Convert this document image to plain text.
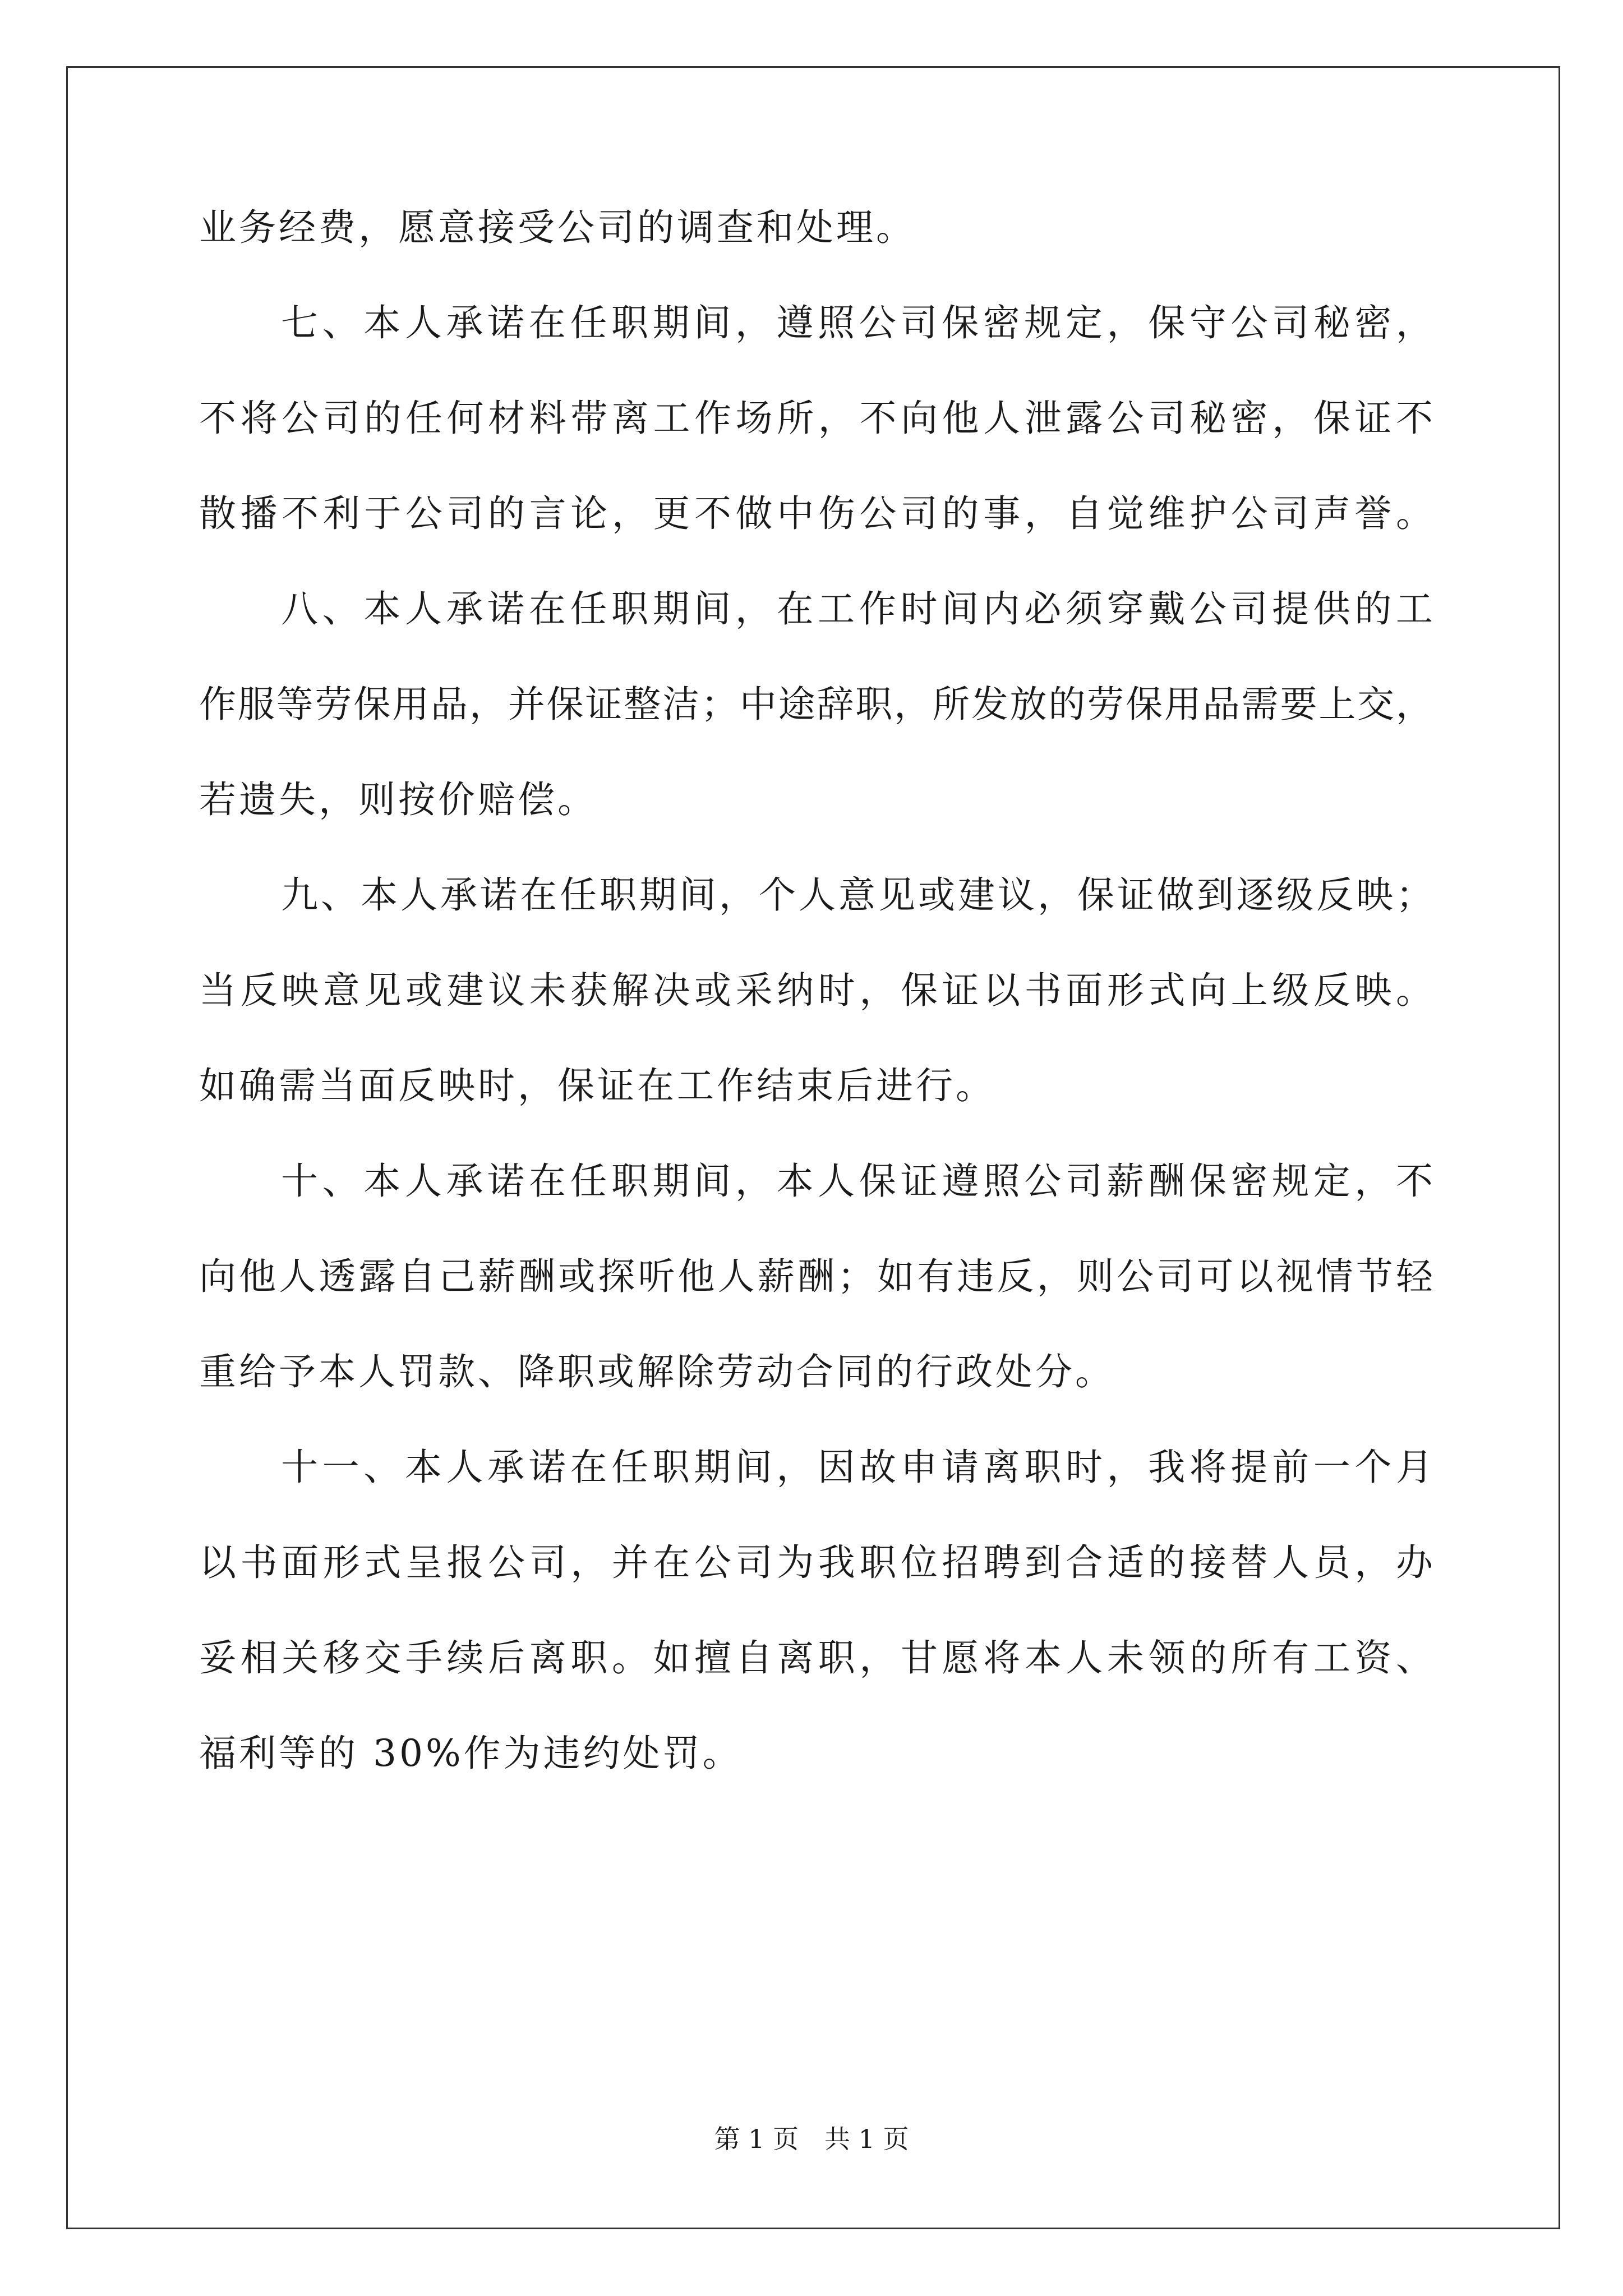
业务经费，愿意接受公司的调查和处理。
七、本人承诺在任职期间，遵照公司保密规定，保守公司秘密，
不将公司的任何材料带离工作场所，不向他人泄露公司秘密，保证不
散播不利于公司的言论，更不做中伤公司的事，自觉维护公司声誉。
八、本人承诺在任职期间，在工作时间内必须穿戴公司提供的工
作服等劳保用品，并保证整洁；中途辞职，所发放的劳保用品需要上交，
若遗失，则按价赔偿。
九、本人承诺在任职期间，个人意见或建议，保证做到逐级反映；
当反映意见或建议未获解决或采纳时，保证以书面形式向上级反映。
如确需当面反映时，保证在工作结束后进行。
十、本人承诺在任职期间，本人保证遵照公司薪酬保密规定，不
向他人透露自己薪酬或探听他人薪酬；如有违反，则公司可以视情节轻
重给予本人罚款、降职或解除劳动合同的行政处分。
十一、本人承诺在任职期间，因故申请离职时，我将提前一个月
以书面形式呈报公司，并在公司为我职位招聘到合适的接替人员，办
妥相关移交手续后离职。如擅自离职，甘愿将本人未领的所有工资、
福利等的 30%作为违约处罚。
第 1 页　共 1 页
